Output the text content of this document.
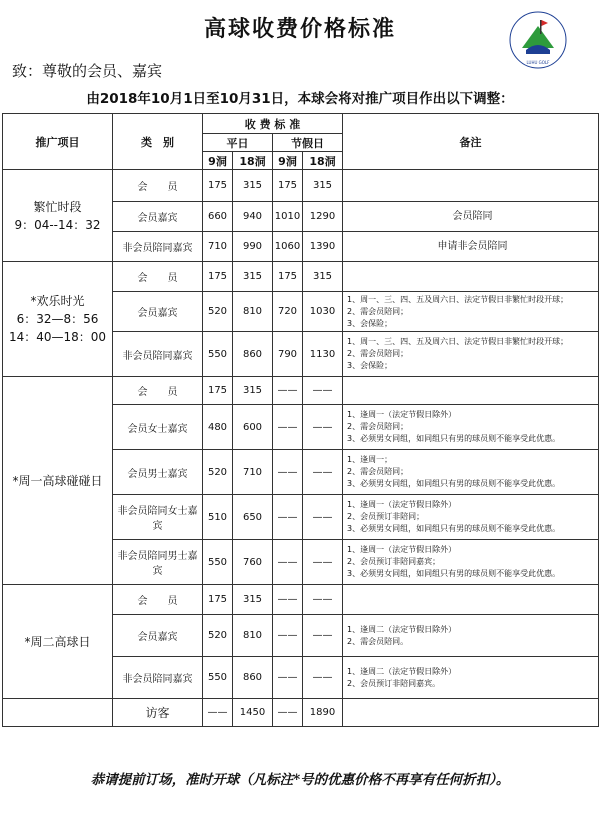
高球收费价格标准
LUHU GOLF
致：尊敬的会员、嘉宾
由2018年10月1日至10月31日，本球会将对推广项目作出以下调整：
推广项目	类　别	收 费 标 准				备注
		平日		节假日		
		9洞	18洞	9洞	18洞	

繁忙时段
9：04--14：32	会　　员	175	315	175	315	
	会员嘉宾	660	940	1010	1290	会员陪同
	非会员陪同嘉宾	710	990	1060	1390	申请非会员陪同

*欢乐时光
6：32—8：56
14：40—18：00	会　　员	175	315	175	315	
	会员嘉宾	520	810	720	1030	1、周一、三、四、五及周六日、法定节假日非繁忙时段开球；
2、需会员陪同；
3、会保险；

	非会员陪同嘉宾	550	860	790	1130	1、周一、三、四、五及周六日、法定节假日非繁忙时段开球；
2、需会员陪同；
3、会保险；

*周一高球碰碰日	会　　员	175	315	——	——	
	会员女士嘉宾	480	600	——	——	1、逢周一（法定节假日除外）
2、需会员陪同；
3、必须男女同组，如同组只有男的球员则不能享受此优惠。

	会员男士嘉宾	520	710	——	——	1、逢周一；
2、需会员陪同；
3、必须男女同组，如同组只有男的球员则不能享受此优惠。

	非会员陪同女士嘉宾	510	650	——	——	1、逢周一（法定节假日除外）
2、会员预订非陪同；
3、必须男女同组，如同组只有男的球员则不能享受此优惠。

	非会员陪同男士嘉宾	550	760	——	——	1、逢周一（法定节假日除外）
2、会员预订非陪同嘉宾；
3、必须男女同组，如同组只有男的球员则不能享受此优惠。

*周二高球日	会　　员	175	315	——	——	
	会员嘉宾	520	810	——	——	1、逢周二（法定节假日除外）
2、需会员陪同。

	非会员陪同嘉宾	550	860	——	——	1、逢周二（法定节假日除外）
2、会员预订非陪同嘉宾。

	访客	——	1450	——	1890	
恭请提前订场，准时开球（凡标注*号的优惠价格不再享有任何折扣）。
